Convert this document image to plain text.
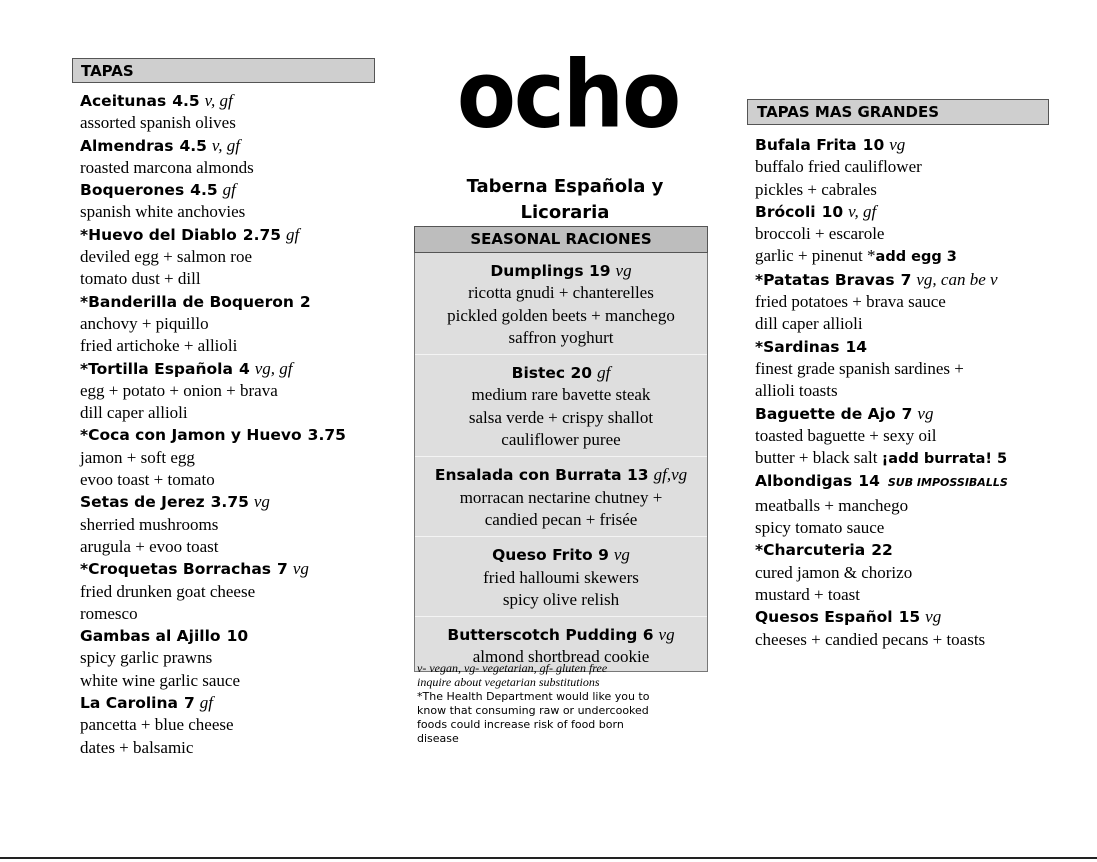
TAPAS
Aceitunas 4.5 v, gf
assorted spanish olives
Almendras 4.5 v, gf
roasted marcona almonds
Boquerones 4.5 gf
spanish white anchovies
*Huevo del Diablo 2.75 gf
deviled egg + salmon roe
tomato dust + dill
*Banderilla de Boqueron 2
anchovy + piquillo
fried artichoke + allioli
*Tortilla Española 4 vg, gf
egg + potato + onion + brava
dill caper allioli
*Coca con Jamon y Huevo 3.75
jamon + soft egg
evoo toast + tomato
Setas de Jerez 3.75 vg
sherried mushrooms
arugula + evoo toast
*Croquetas Borrachas 7 vg
fried drunken goat cheese
romesco
Gambas al Ajillo 10
spicy garlic prawns
white wine garlic sauce
La Carolina 7 gf
pancetta + blue cheese
dates + balsamic
ocho
Taberna Española y Licoraria
SEASONAL RACIONES
Dumplings 19 vg
ricotta gnudi + chanterelles
pickled golden beets + manchego
saffron yoghurt
Bistec 20 gf
medium rare bavette steak
salsa verde + crispy shallot
cauliflower puree
Ensalada con Burrata 13 gf,vg
morracan nectarine chutney +
candied pecan + frisée
Queso Frito 9 vg
fried halloumi skewers
spicy olive relish
Butterscotch Pudding 6 vg
almond shortbread cookie
v- vegan, vg- vegetarian, gf- gluten free
inquire about vegetarian substitutions
*The Health Department would like you to
know that consuming raw or undercooked
foods could increase risk of food born
disease
TAPAS MAS GRANDES
Bufala Frita 10 vg
buffalo fried cauliflower
pickles + cabrales
Brócoli 10 v, gf
broccoli + escarole
garlic + pinenut *add egg 3
*Patatas Bravas 7 vg, can be v
fried potatoes + brava sauce
dill caper allioli
*Sardinas 14
finest grade spanish sardines +
allioli toasts
Baguette de Ajo 7 vg
toasted baguette + sexy oil
butter + black salt ¡add burrata! 5
Albondigas 14 SUB IMPOSSIBALLS
meatballs + manchego
spicy tomato sauce
*Charcuteria 22
cured jamon & chorizo
mustard + toast
Quesos Español 15 vg
cheeses + candied pecans + toasts
